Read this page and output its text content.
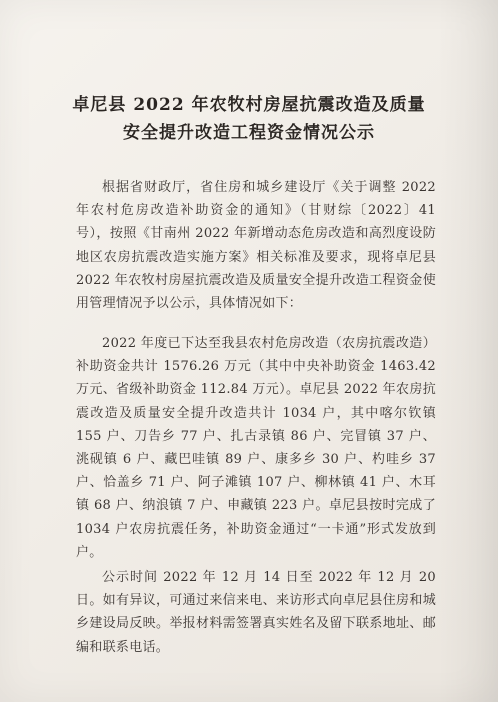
卓尼县 2022 年农牧村房屋抗震改造及质量
安全提升改造工程资金情况公示

根据省财政厅，省住房和城乡建设厅《关于调整 2022 年农村危房改造补助资金的通知》（甘财综〔2022〕41 号），按照《甘南州 2022 年新增动态危房改造和高烈度设防地区农房抗震改造实施方案》相关标准及要求，现将卓尼县 2022 年农牧村房屋抗震改造及质量安全提升改造工程资金使用管理情况予以公示，具体情况如下：

2022 年度已下达至我县农村危房改造（农房抗震改造）补助资金共计 1576.26 万元（其中中央补助资金 1463.42 万元、省级补助资金 112.84 万元）。卓尼县 2022 年农房抗震改造及质量安全提升改造共计 1034 户，其中喀尔钦镇 155 户、刀告乡 77 户、扎古录镇 86 户、完冒镇 37 户、洮砚镇 6 户、藏巴哇镇 89 户、康多乡 30 户、杓哇乡 37 户、恰盖乡 71 户、阿子滩镇 107 户、柳林镇 41 户、木耳镇 68 户、纳浪镇 7 户、申藏镇 223 户。卓尼县按时完成了 1034 户农房抗震任务，补助资金通过“一卡通”形式发放到户。

公示时间 2022 年 12 月 14 日至 2022 年 12 月 20 日。如有异议，可通过来信来电、来访形式向卓尼县住房和城乡建设局反映。举报材料需签署真实姓名及留下联系地址、邮编和联系电话。
